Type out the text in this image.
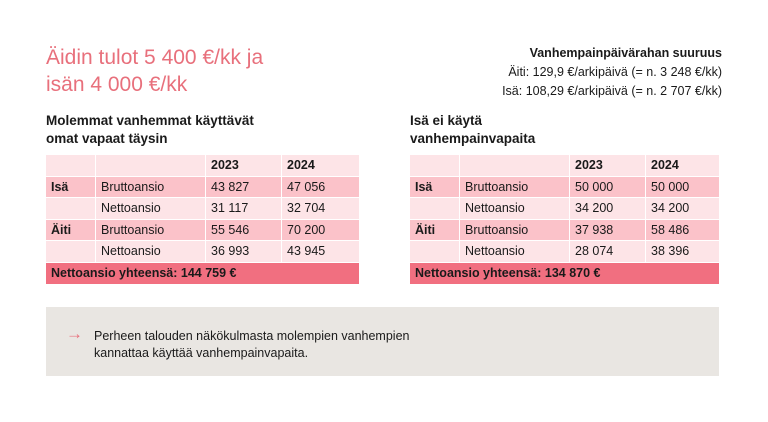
Äidin tulot 5 400 €/kk ja
isän 4 000 €/kk
Vanhempainpäivärahan suuruus
Äiti: 129,9 €/arkipäivä (= n. 3 248 €/kk)
Isä: 108,29 €/arkipäivä (= n. 2 707 €/kk)
Molemmat vanhemmat käyttävät
omat vapaat täysin
Isä ei käytä
vanhempainvapaita
		2023	2024
Isä	Bruttoansio	43 827	47 056
	Nettoansio	31 117	32 704
Äiti	Bruttoansio	55 546	70 200
	Nettoansio	36 993	43 945
Nettoansio yhteensä: 144 759 €			
		2023	2024
Isä	Bruttoansio	50 000	50 000
	Nettoansio	34 200	34 200
Äiti	Bruttoansio	37 938	58 486
	Nettoansio	28 074	38 396
Nettoansio yhteensä: 134 870 €			
→ Perheen talouden näkökulmasta molempien vanhempien
kannattaa käyttää vanhempainvapaita.
